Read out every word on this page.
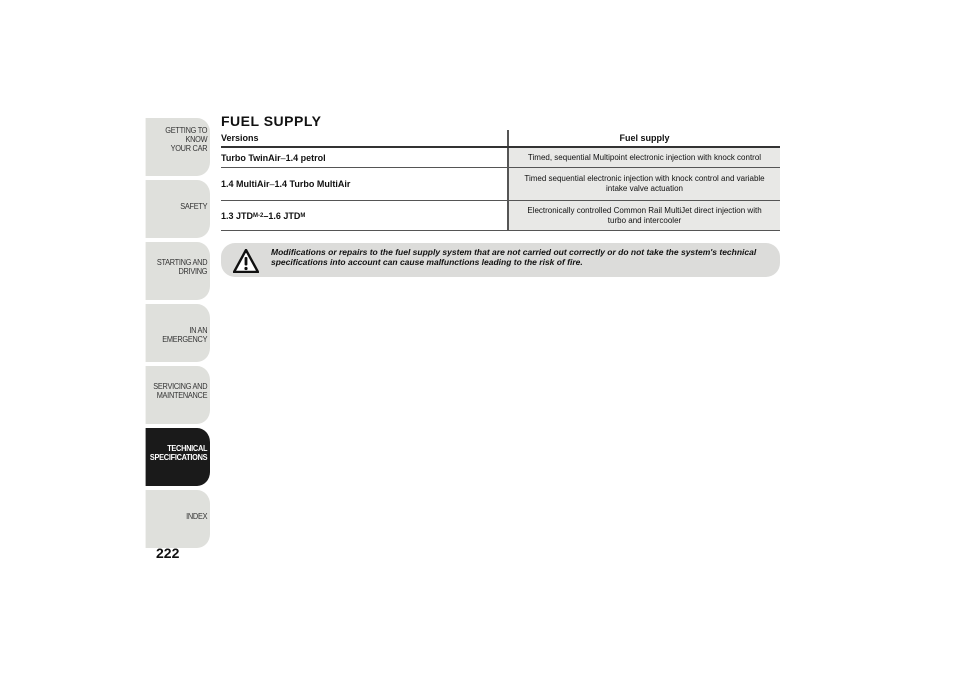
GETTING TO KNOW
YOUR CAR
SAFETY
STARTING AND
DRIVING
IN AN EMERGENCY
SERVICING AND
MAINTENANCE
TECHNICAL
SPECIFICATIONS
INDEX
222
FUEL SUPPLY
Versions	Fuel supply
Turbo TwinAir – 1.4 petrol	Timed, sequential Multipoint electronic injection with knock control
1.4 MultiAir – 1.4 Turbo MultiAir
Timed sequential electronic injection with knock control and variable intake valve actuation
1.3 JTD M-2 – 1.6 JTD M
Electronically controlled Common Rail MultiJet direct injection with turbo and intercooler
Modifications or repairs to the fuel supply system that are not carried out correctly or do not take the system's technical specifications into account can cause malfunctions leading to the risk of fire.
